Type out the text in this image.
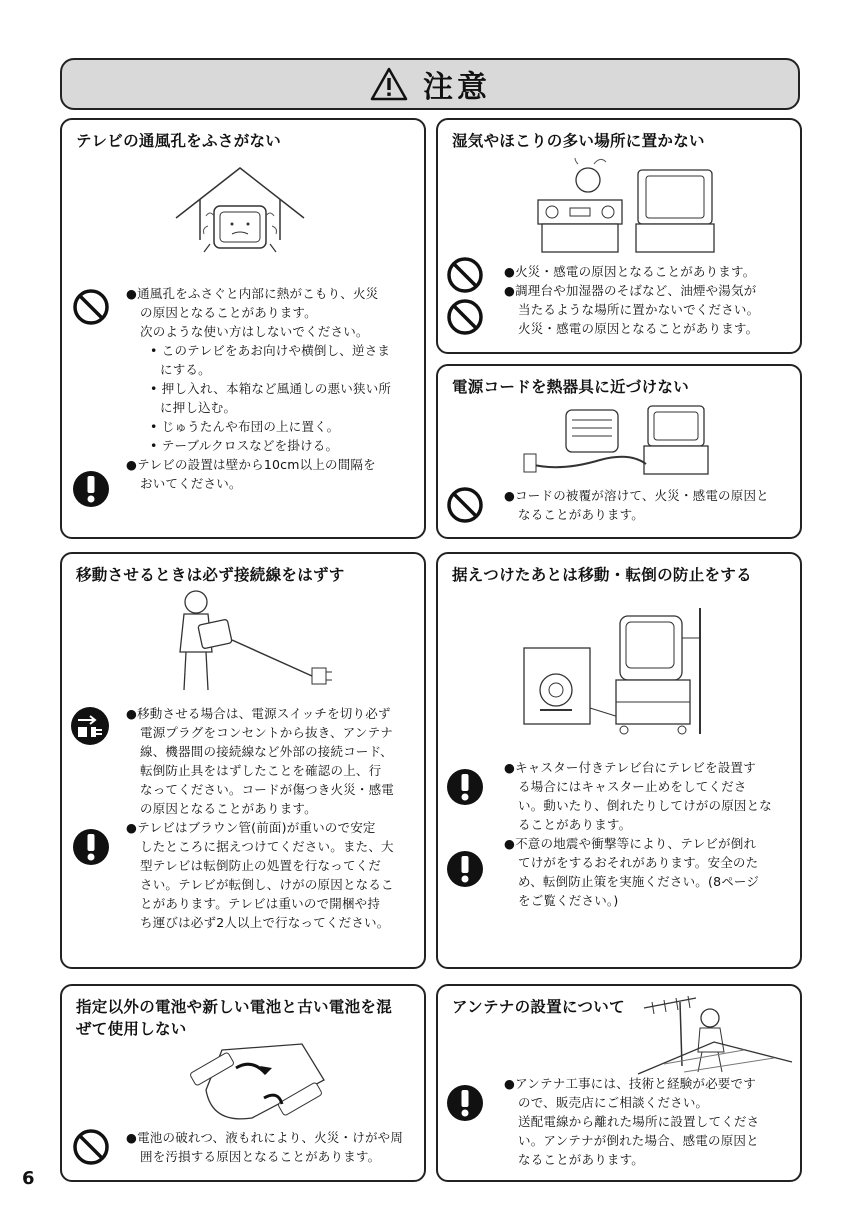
注意
テレビの通風孔をふさがない

●通風孔をふさぐと内部に熱がこもり、火災

の原因となることがあります。

次のような使い方はしないでください。

• このテレビをあお向けや横倒し、逆さま

にする。

• 押し入れ、本箱など風通しの悪い狭い所

に押し込む。

• じゅうたんや布団の上に置く。

• テーブルクロスなどを掛ける。

●テレビの設置は壁から10cm以上の間隔を

おいてください。

湿気やほこりの多い場所に置かない

●火災・感電の原因となることがあります。

●調理台や加湿器のそばなど、油煙や湯気が

当たるような場所に置かないでください。

火災・感電の原因となることがあります。

電源コードを熱器具に近づけない

●コードの被覆が溶けて、火災・感電の原因と

なることがあります。

移動させるときは必ず接続線をはずす

●移動させる場合は、電源スイッチを切り必ず

電源プラグをコンセントから抜き、アンテナ

線、機器間の接続線など外部の接続コード、

転倒防止具をはずしたことを確認の上、行

なってください。コードが傷つき火災・感電

の原因となることがあります。

●テレビはブラウン管(前面)が重いので安定

したところに据えつけてください。また、大

型テレビは転倒防止の処置を行なってくだ

さい。テレビが転倒し、けがの原因となるこ

とがあります。テレビは重いので開梱や持

ち運びは必ず2人以上で行なってください。

据えつけたあとは移動・転倒の防止をする

●キャスター付きテレビ台にテレビを設置す

る場合にはキャスター止めをしてくださ

い。動いたり、倒れたりしてけがの原因とな

ることがあります。

●不意の地震や衝撃等により、テレビが倒れ

てけがをするおそれがあります。安全のた

め、転倒防止策を実施ください。(8ページ

をご覧ください。)

指定以外の電池や新しい電池と古い電池を混
ぜて使用しない

●電池の破れつ、液もれにより、火災・けがや周

囲を汚損する原因となることがあります。

アンテナの設置について

●アンテナ工事には、技術と経験が必要です

ので、販売店にご相談ください。

送配電線から離れた場所に設置してくださ

い。アンテナが倒れた場合、感電の原因と

なることがあります。

6
